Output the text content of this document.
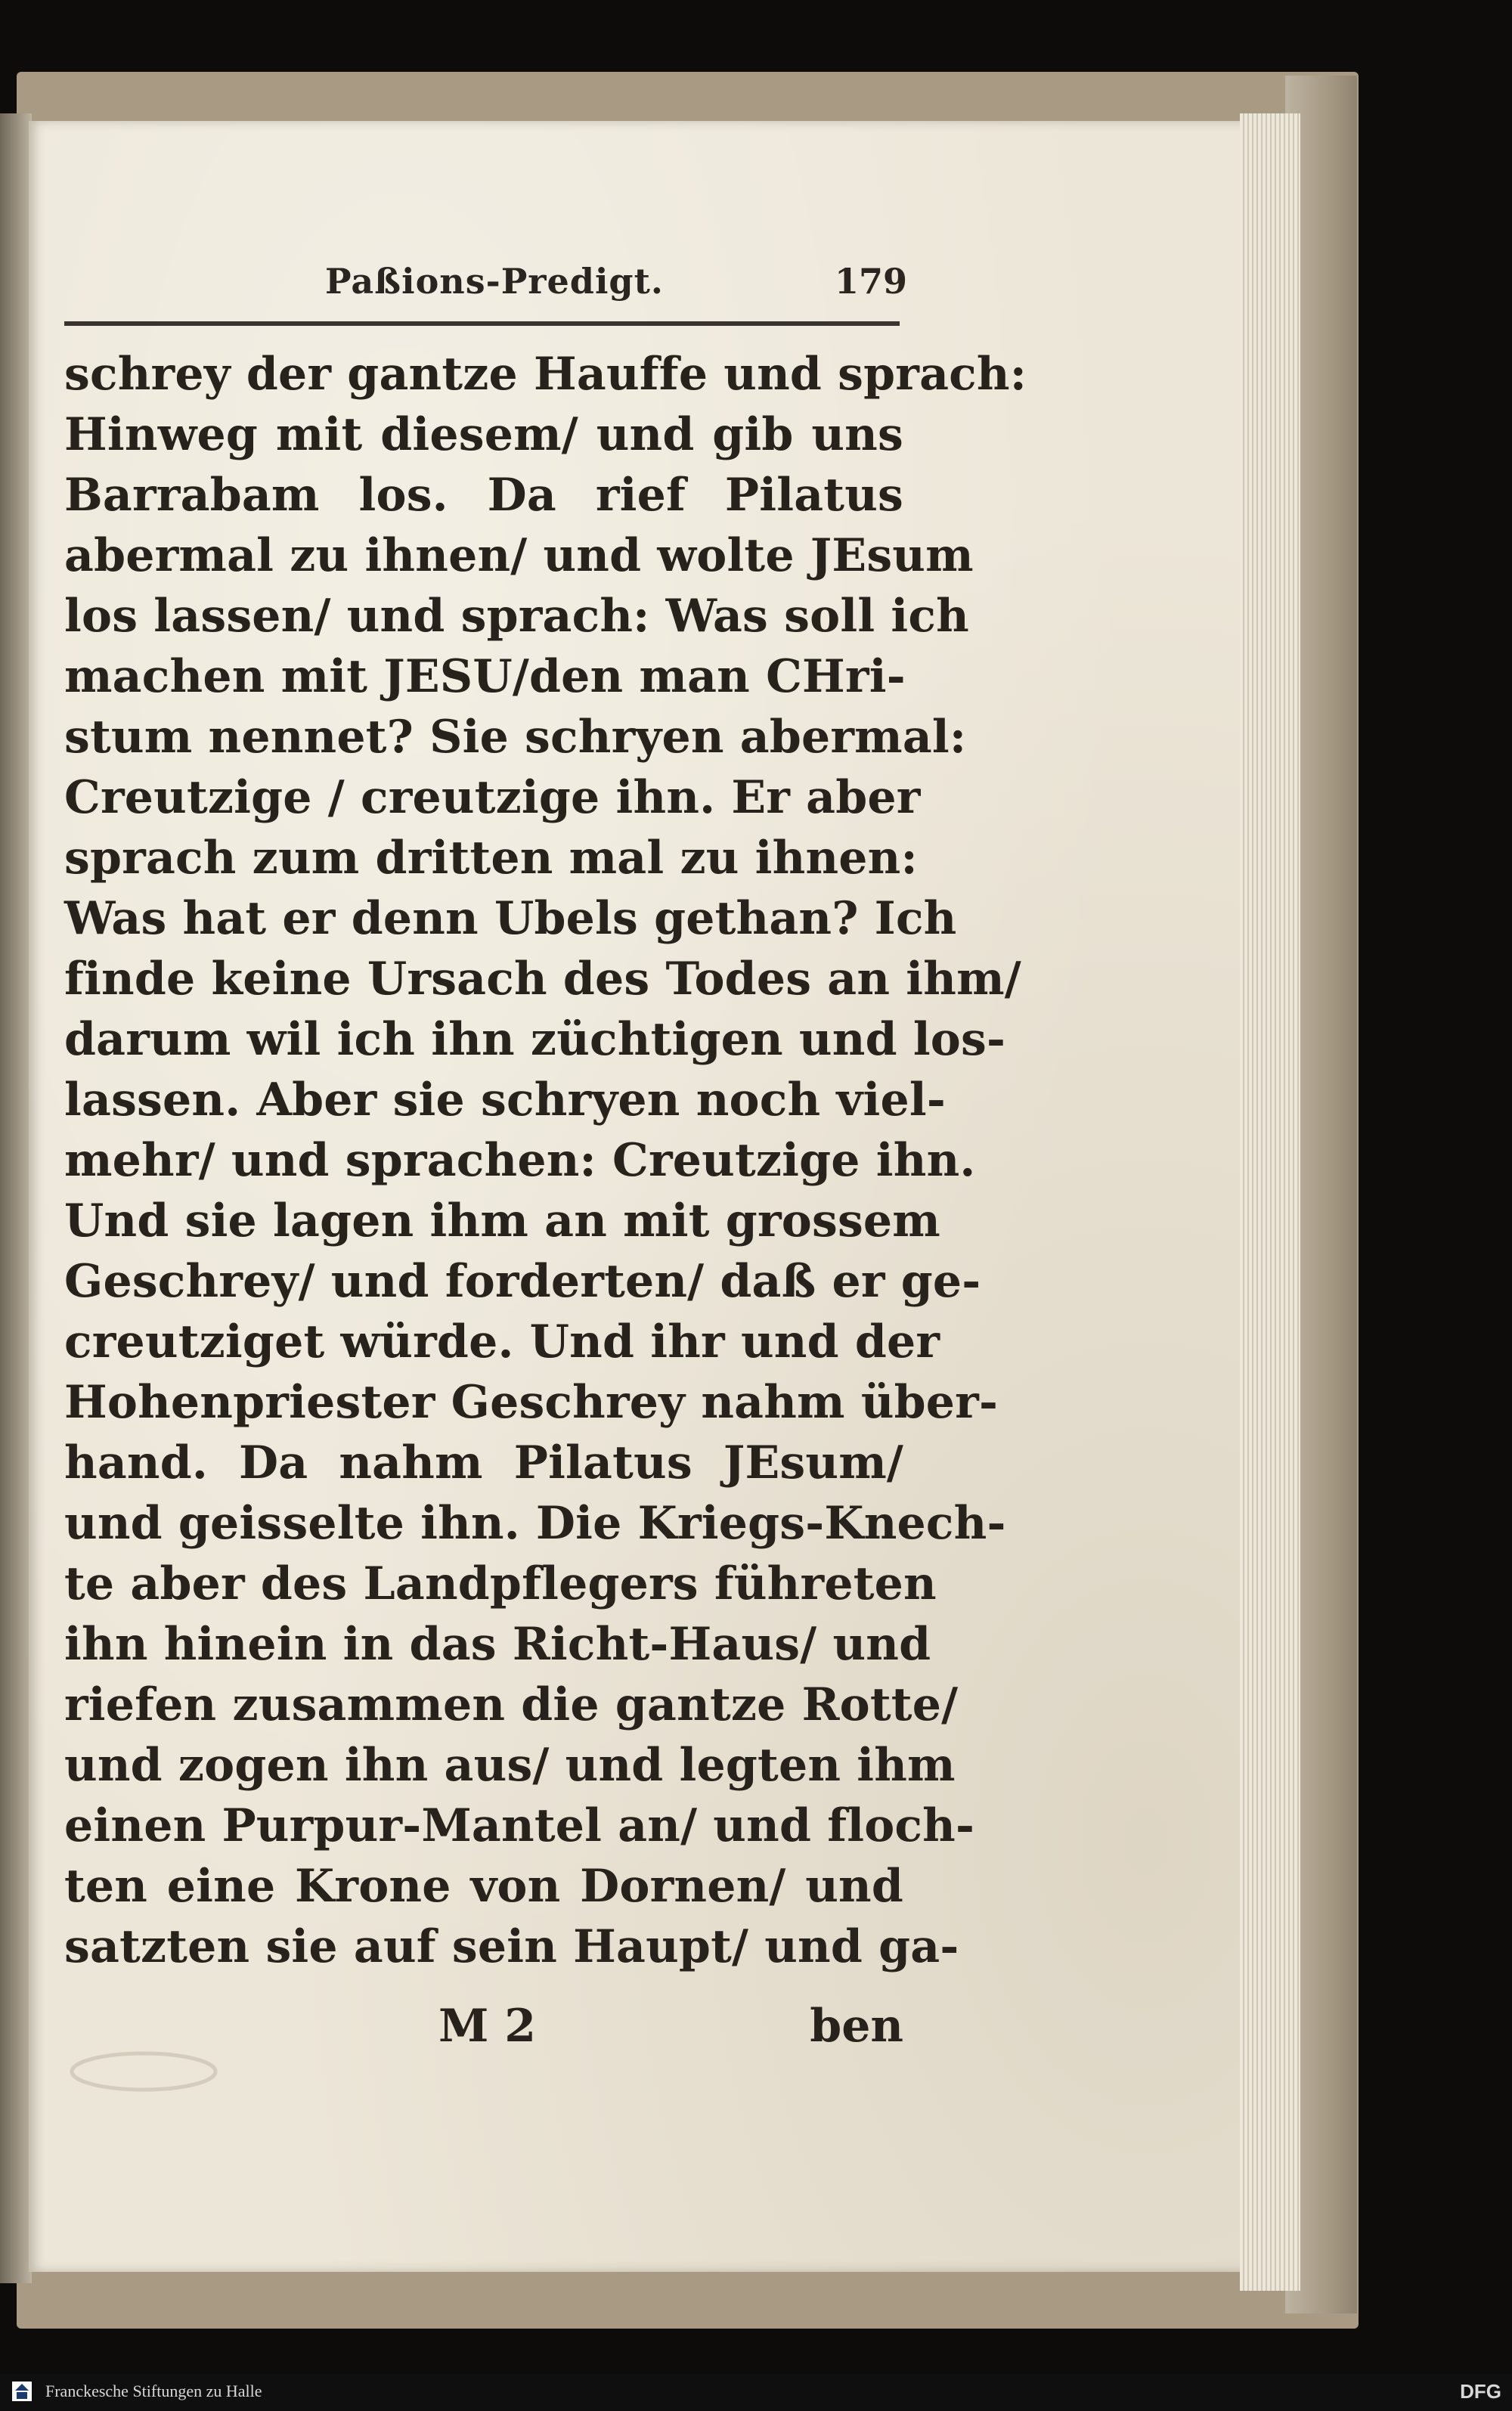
Paßions-Predigt.	179
schrey der gantze Hauffe und sprach:
Hinweg mit diesem/ und gib uns
Barrabam los. Da rief Pilatus
abermal zu ihnen/ und wolte JEsum
los lassen/ und sprach: Was soll ich
machen mit JESU/den man CHri-
stum nennet? Sie schryen abermal:
Creutzige / creutzige ihn. Er aber
sprach zum dritten mal zu ihnen:
Was hat er denn Ubels gethan? Ich
finde keine Ursach des Todes an ihm/
darum wil ich ihn züchtigen und los-
lassen. Aber sie schryen noch viel-
mehr/ und sprachen: Creutzige ihn.
Und sie lagen ihm an mit grossem
Geschrey/ und forderten/ daß er ge-
creutziget würde. Und ihr und der
Hohenpriester Geschrey nahm über-
hand. Da nahm Pilatus JEsum/
und geisselte ihn. Die Kriegs-Knech-
te aber des Landpflegers führeten
ihn hinein in das Richt-Haus/ und
riefen zusammen die gantze Rotte/
und zogen ihn aus/ und legten ihm
einen Purpur-Mantel an/ und floch-
ten eine Krone von Dornen/ und
satzten sie auf sein Haupt/ und ga-
M 2	ben
Franckesche Stiftungen zu Halle	DFG
